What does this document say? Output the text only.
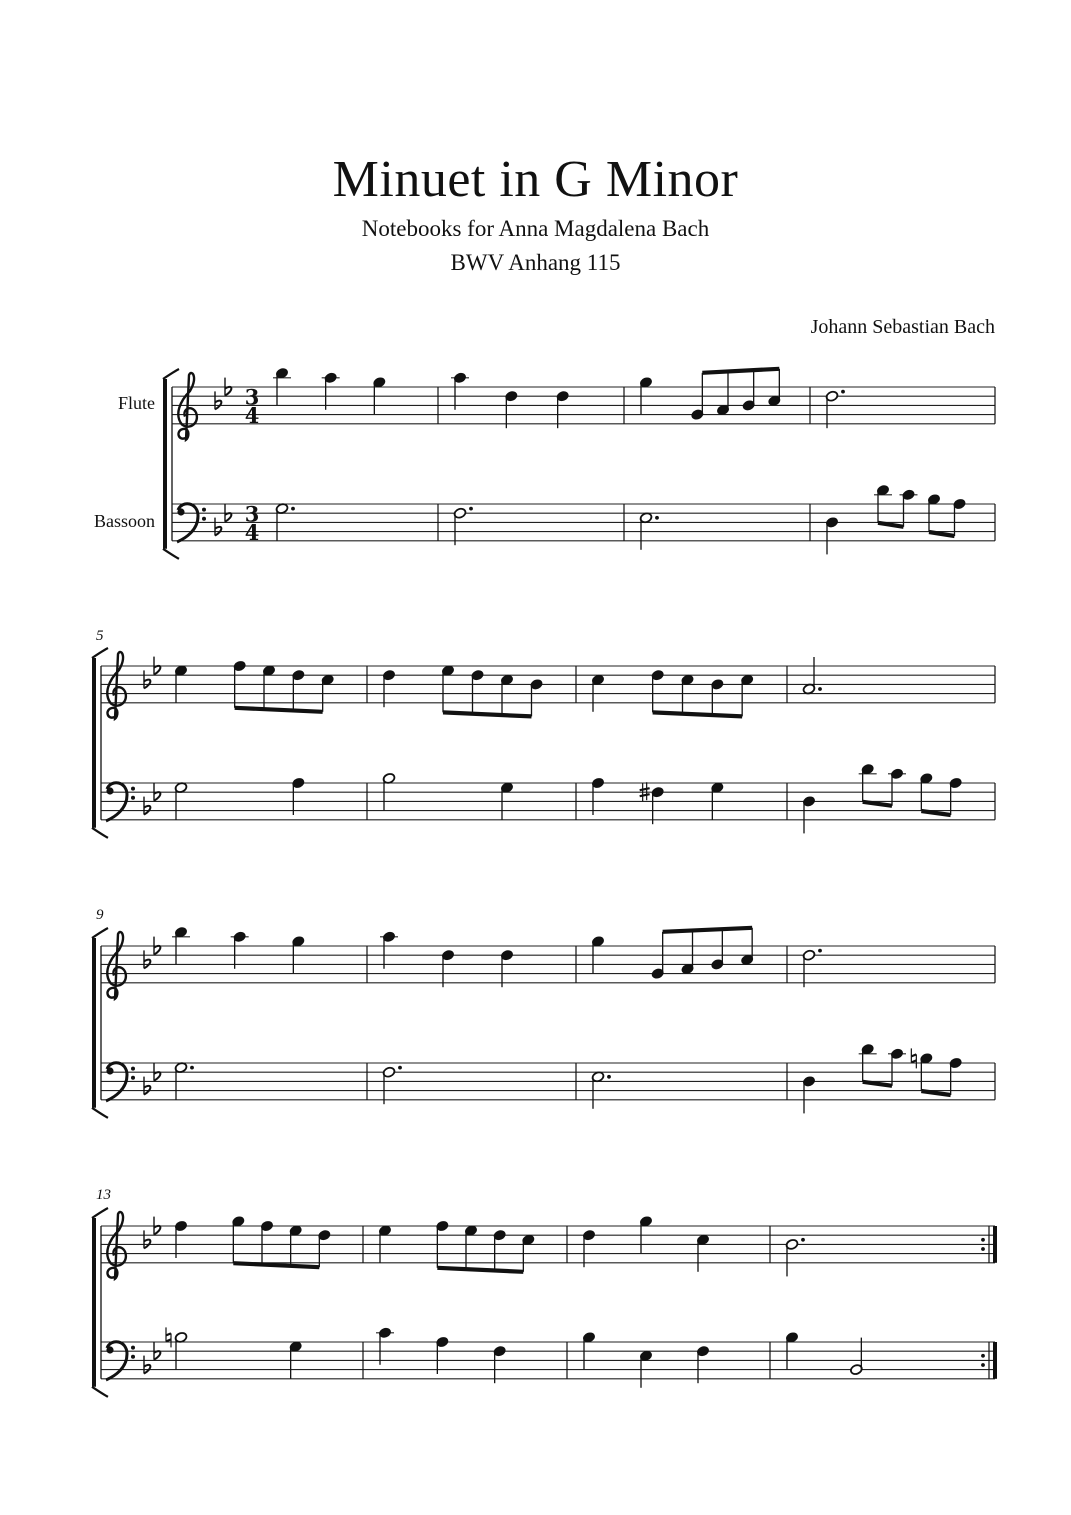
Minuet in G Minor
Notebooks for Anna Magdalena Bach
BWV Anhang 115
Johann Sebastian Bach
Flute
Bassoon
5
9
13
3
4
3
4
